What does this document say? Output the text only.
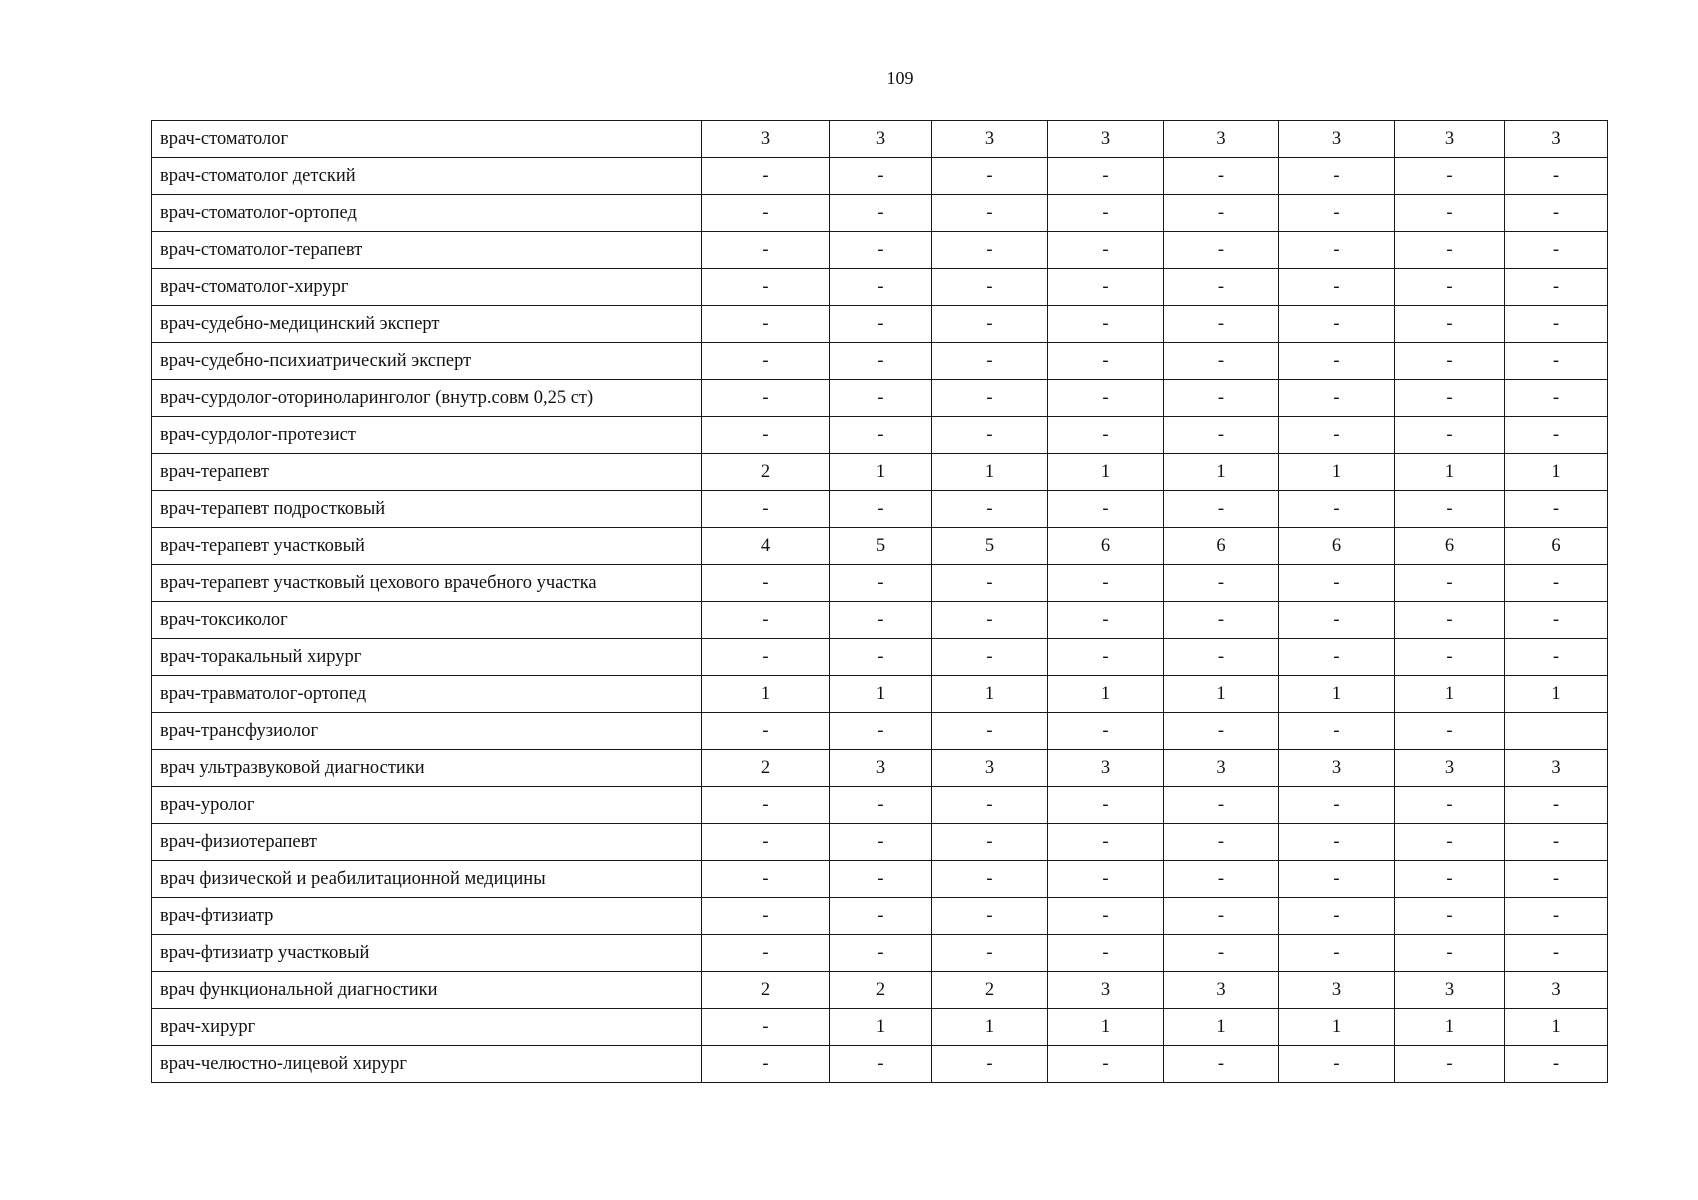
109
врач-стоматолог	3	3	3	3	3	3	3	3
врач-стоматолог детский	-	-	-	-	-	-	-	-
врач-стоматолог-ортопед	-	-	-	-	-	-	-	-
врач-стоматолог-терапевт	-	-	-	-	-	-	-	-
врач-стоматолог-хирург	-	-	-	-	-	-	-	-
врач-судебно-медицинский эксперт	-	-	-	-	-	-	-	-
врач-судебно-психиатрический эксперт	-	-	-	-	-	-	-	-
врач-сурдолог-оториноларинголог (внутр.совм 0,25 ст)	-	-	-	-	-	-	-	-
врач-сурдолог-протезист	-	-	-	-	-	-	-	-
врач-терапевт	2	1	1	1	1	1	1	1
врач-терапевт подростковый	-	-	-	-	-	-	-	-
врач-терапевт участковый	4	5	5	6	6	6	6	6
врач-терапевт участковый цехового врачебного участка	-	-	-	-	-	-	-	-
врач-токсиколог	-	-	-	-	-	-	-	-
врач-торакальный хирург	-	-	-	-	-	-	-	-
врач-травматолог-ортопед	1	1	1	1	1	1	1	1
врач-трансфузиолог	-	-	-	-	-	-	-	
врач ультразвуковой диагностики	2	3	3	3	3	3	3	3
врач-уролог	-	-	-	-	-	-	-	-
врач-физиотерапевт	-	-	-	-	-	-	-	-
врач физической и реабилитационной медицины	-	-	-	-	-	-	-	-
врач-фтизиатр	-	-	-	-	-	-	-	-
врач-фтизиатр участковый	-	-	-	-	-	-	-	-
врач функциональной диагностики	2	2	2	3	3	3	3	3
врач-хирург	-	1	1	1	1	1	1	1
врач-челюстно-лицевой хирург	-	-	-	-	-	-	-	-
